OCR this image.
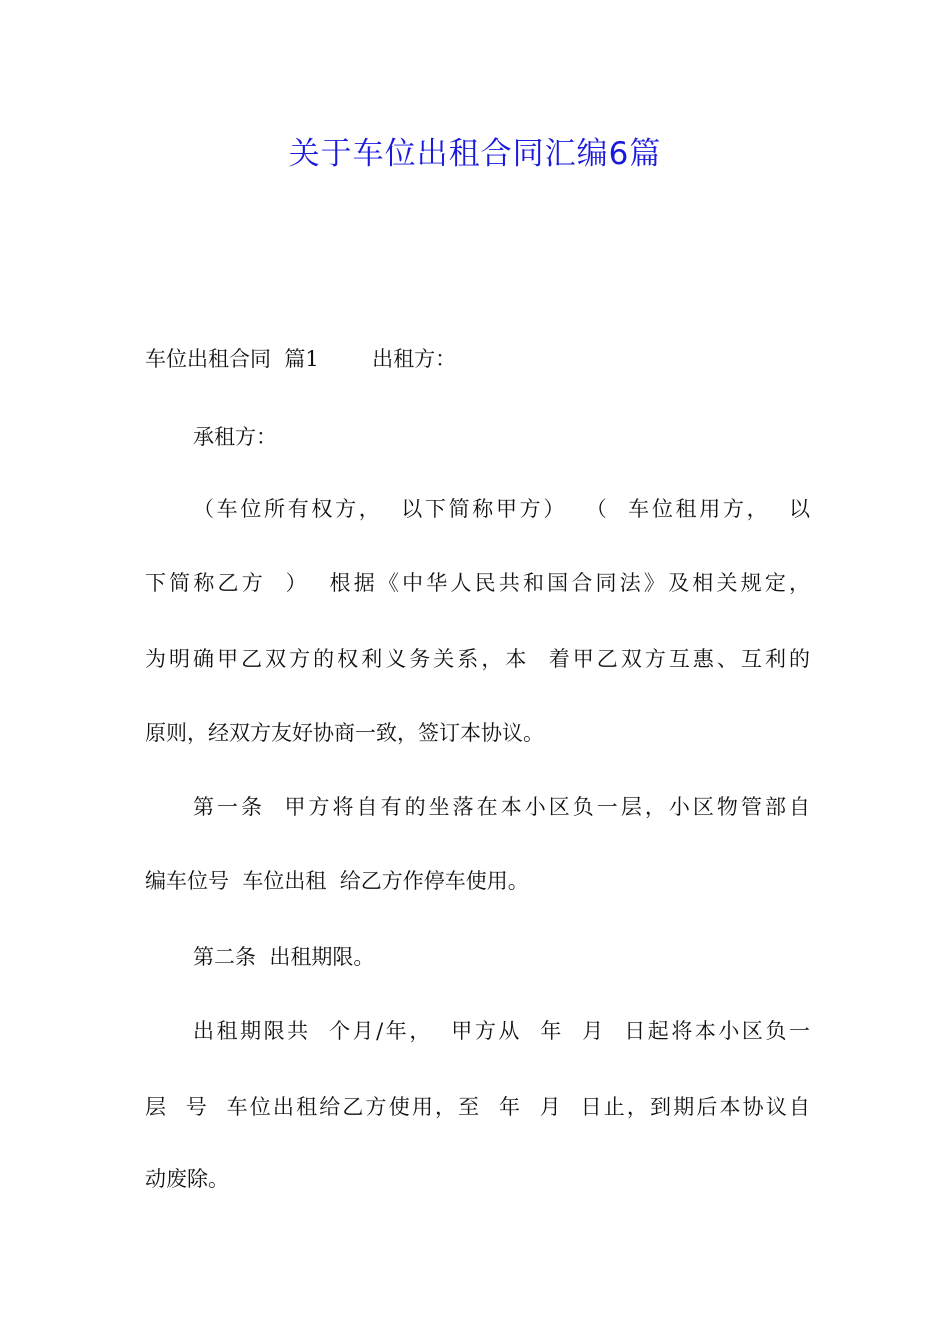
关于车位出租合同汇编6篇

车位出租合同  篇1        出租方：

承租方：

（车位所有权方，  以下简称甲方）  （  车位租用方，  以

下简称乙方  ）  根据《中华人民共和国合同法》及相关规定，

为明确甲乙双方的权利义务关系，本  着甲乙双方互惠、互利的

原则，经双方友好协商一致，签订本协议。

第一条  甲方将自有的坐落在本小区负一层，小区物管部自

编车位号  车位出租  给乙方作停车使用。

第二条  出租期限。

出租期限共  个月/年，  甲方从  年  月  日起将本小区负一

层  号  车位出租给乙方使用，至  年  月  日止，到期后本协议自

动废除。
